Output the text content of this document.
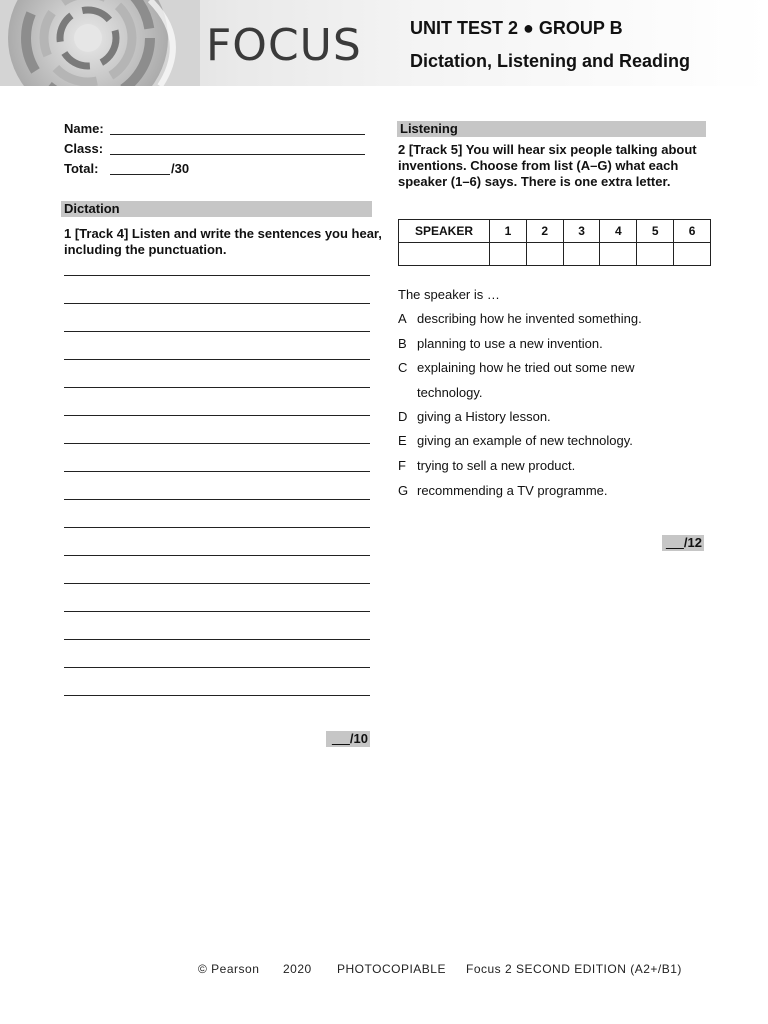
FOCUS	UNIT TEST 2 ● GROUP B
Dictation, Listening and Reading
Name:
Class:
Total:	/30
Dictation
1 [Track 4] Listen and write the sentences you hear,
including the punctuation.
/10
Listening
2 [Track 5] You will hear six people talking about
inventions. Choose from list (A–G) what each
speaker (1–6) says. There is one extra letter.
SPEAKER	1	2	3	4	5	6

The speaker is …
A describing how he invented something.
B planning to use a new invention.
C explaining how he tried out some new
technology.
D giving a History lesson.
E giving an example of new technology.
F trying to sell a new product.
G recommending a TV programme.
/12
© Pearson 2020 PHOTOCOPIABLE Focus 2 SECOND EDITION (A2+/B1)
